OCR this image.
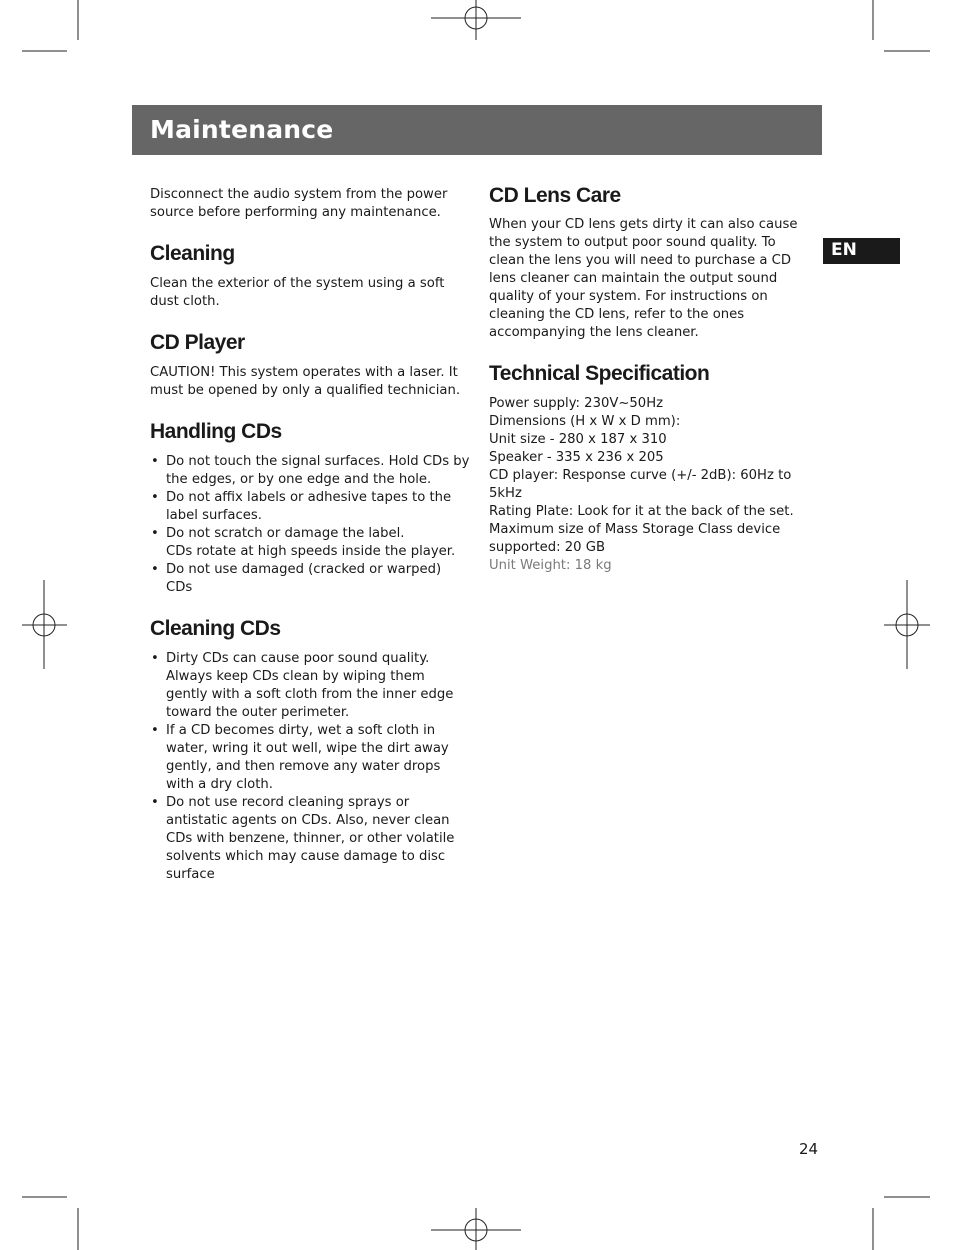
Maintenance
EN

Disconnect the audio system from the power source before performing any maintenance.

Cleaning

Clean the exterior of the system using a soft dust cloth.

CD Player

CAUTION! This system operates with a laser. It must be opened by only a qualified technician.

Handling CDs
• Do not touch the signal surfaces. Hold CDs by the edges, or by one edge and the hole.
• Do not affix labels or adhesive tapes to the label surfaces.
• Do not scratch or damage the label.

CDs rotate at high speeds inside the player.

• Do not use damaged (cracked or warped) CDs
Cleaning CDs
• Dirty CDs can cause poor sound quality. Always keep CDs clean by wiping them gently with a soft cloth from the inner edge toward the outer perimeter.
• If a CD becomes dirty, wet a soft cloth in water, wring it out well, wipe the dirt away gently, and then remove any water drops with a dry cloth.
• Do not use record cleaning sprays or antistatic agents on CDs. Also, never clean CDs with benzene, thinner, or other volatile solvents which may cause damage to disc surface
CD Lens Care

When your CD lens gets dirty it can also cause the system to output poor sound quality. To clean the lens you will need to purchase a CD lens cleaner can maintain the output sound quality of your system. For instructions on cleaning the CD lens, refer to the ones accompanying the lens cleaner.

Technical Specification

Power supply: 230V~50Hz

Dimensions (H x W x D mm):

Unit size - 280 x 187 x 310

Speaker - 335 x 236 x 205

CD player: Response curve (+/- 2dB): 60Hz to 5kHz

Rating Plate: Look for it at the back of the set.

Maximum size of Mass Storage Class device

supported: 20 GB

Unit Weight: 18 kg

24
